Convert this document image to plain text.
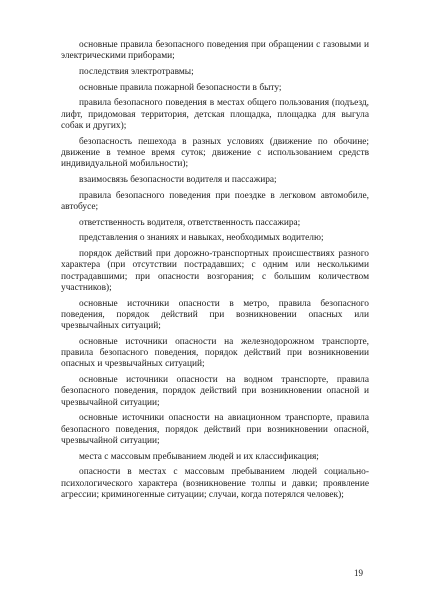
основные правила безопасного поведения при обращении с газовыми и электрическими приборами;

последствия электротравмы;

основные правила пожарной безопасности в быту;

правила безопасного поведения в местах общего пользования (подъезд, лифт, придомовая территория, детская площадка, площадка для выгула собак и других);

безопасность пешехода в разных условиях (движение по обочине; движение в темное время суток; движение с использованием средств индивидуальной мобильности);

взаимосвязь безопасности водителя и пассажира;

правила безопасного поведения при поездке в легковом автомобиле, автобусе;

ответственность водителя, ответственность пассажира;

представления о знаниях и навыках, необходимых водителю;

порядок действий при дорожно-транспортных происшествиях разного характера (при отсутствии пострадавших; с одним или несколькими пострадавшими; при опасности возгорания; с большим количеством участников);

основные источники опасности в метро, правила безопасного поведения, порядок действий при возникновении опасных или чрезвычайных ситуаций;

основные источники опасности на железнодорожном транспорте, правила безопасного поведения, порядок действий при возникновении опасных и чрезвычайных ситуаций;

основные источники опасности на водном транспорте, правила безопасного поведения, порядок действий при возникновении опасной и чрезвычайной ситуации;

основные источники опасности на авиационном транспорте, правила безопасного поведения, порядок действий при возникновении опасной, чрезвычайной ситуации;

места с массовым пребыванием людей и их классификация;

опасности в местах с массовым пребыванием людей социально-психологического характера (возникновение толпы и давки; проявление агрессии; криминогенные ситуации; случаи, когда потерялся человек);

19
